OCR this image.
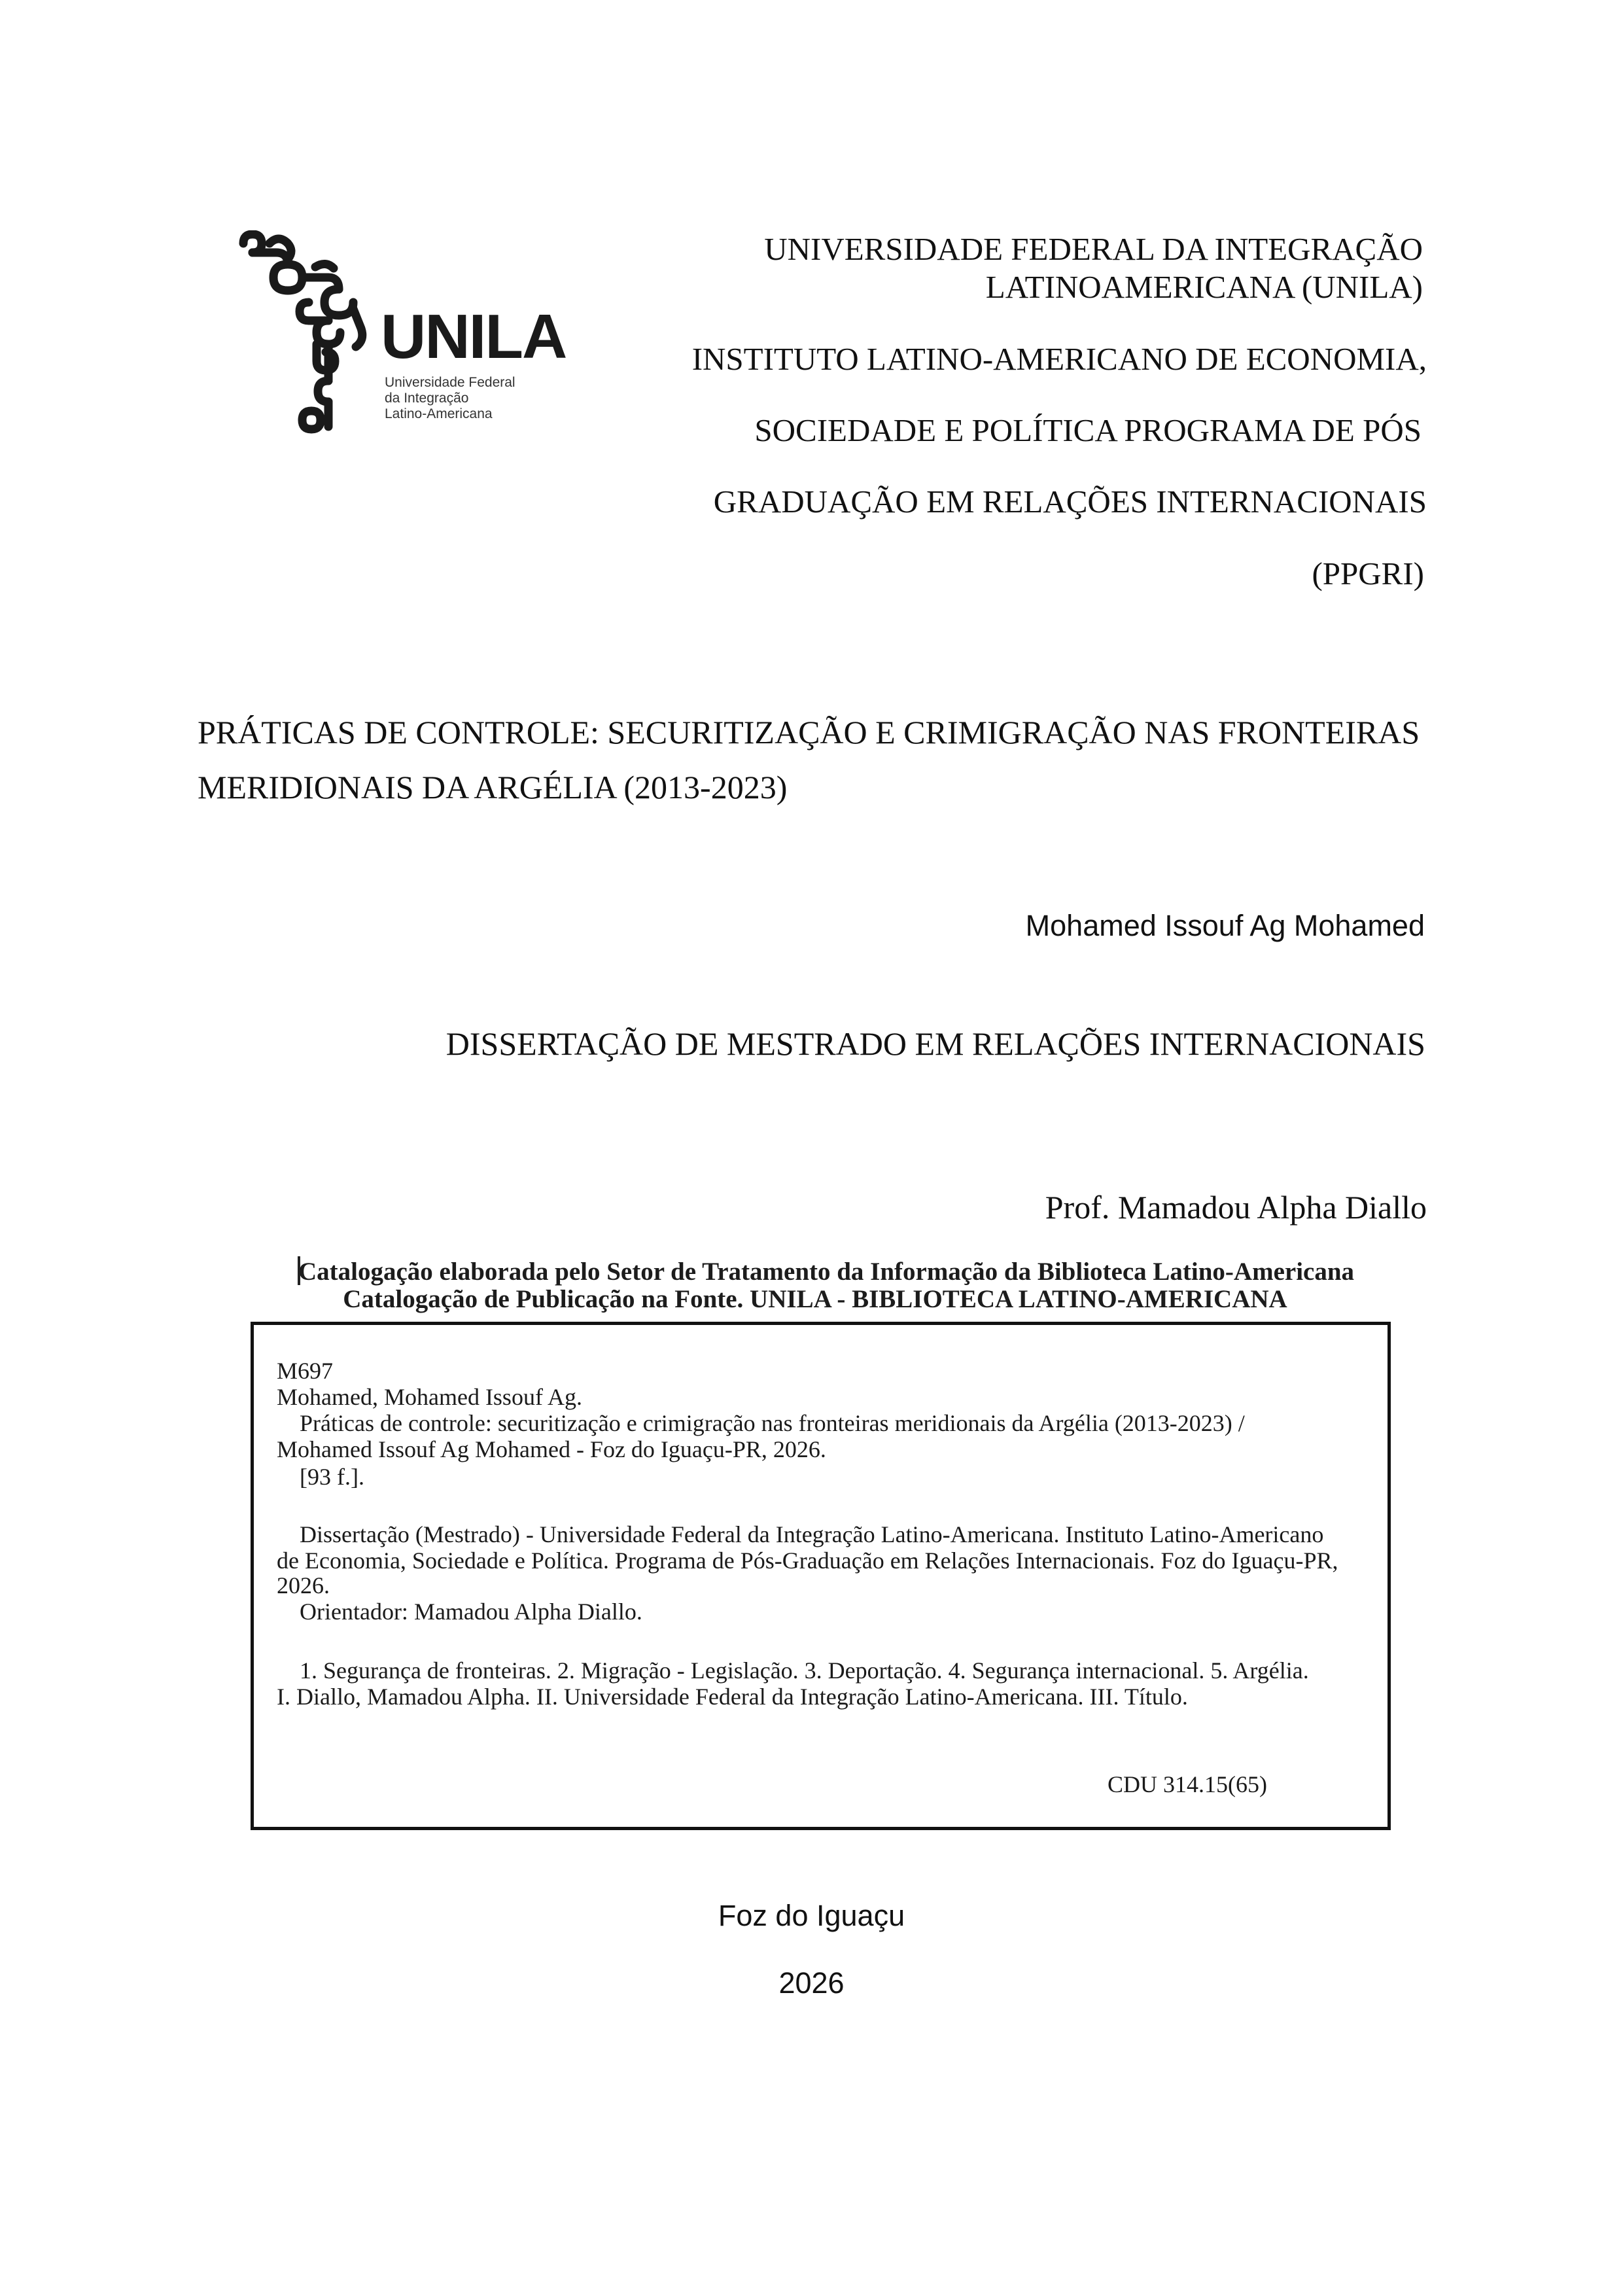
UNILA
Universidade Federal
da Integração
Latino-Americana
UNIVERSIDADE FEDERAL DA INTEGRAÇÃO
LATINOAMERICANA (UNILA)
INSTITUTO LATINO-AMERICANO DE ECONOMIA,
SOCIEDADE E POLÍTICA PROGRAMA DE PÓS
GRADUAÇÃO EM RELAÇÕES INTERNACIONAIS
(PPGRI)
PRÁTICAS DE CONTROLE: SECURITIZAÇÃO E CRIMIGRAÇÃO NAS FRONTEIRAS
MERIDIONAIS DA ARGÉLIA (2013-2023)
Mohamed Issouf Ag Mohamed
DISSERTAÇÃO DE MESTRADO EM RELAÇÕES INTERNACIONAIS
Prof. Mamadou Alpha Diallo
Catalogação elaborada pelo Setor de Tratamento da Informação da Biblioteca Latino-Americana
Catalogação de Publicação na Fonte. UNILA - BIBLIOTECA LATINO-AMERICANA
M697
Mohamed, Mohamed Issouf Ag.
Práticas de controle: securitização e crimigração nas fronteiras meridionais da Argélia (2013-2023) /
Mohamed Issouf Ag Mohamed - Foz do Iguaçu-PR, 2026.
[93 f.].
Dissertação (Mestrado) - Universidade Federal da Integração Latino-Americana. Instituto Latino-Americano
de Economia, Sociedade e Política. Programa de Pós-Graduação em Relações Internacionais. Foz do Iguaçu-PR,
2026.
Orientador: Mamadou Alpha Diallo.
1. Segurança de fronteiras. 2. Migração - Legislação. 3. Deportação. 4. Segurança internacional. 5. Argélia.
I. Diallo, Mamadou Alpha. II. Universidade Federal da Integração Latino-Americana. III. Título.
CDU 314.15(65)
Foz do Iguaçu
2026
